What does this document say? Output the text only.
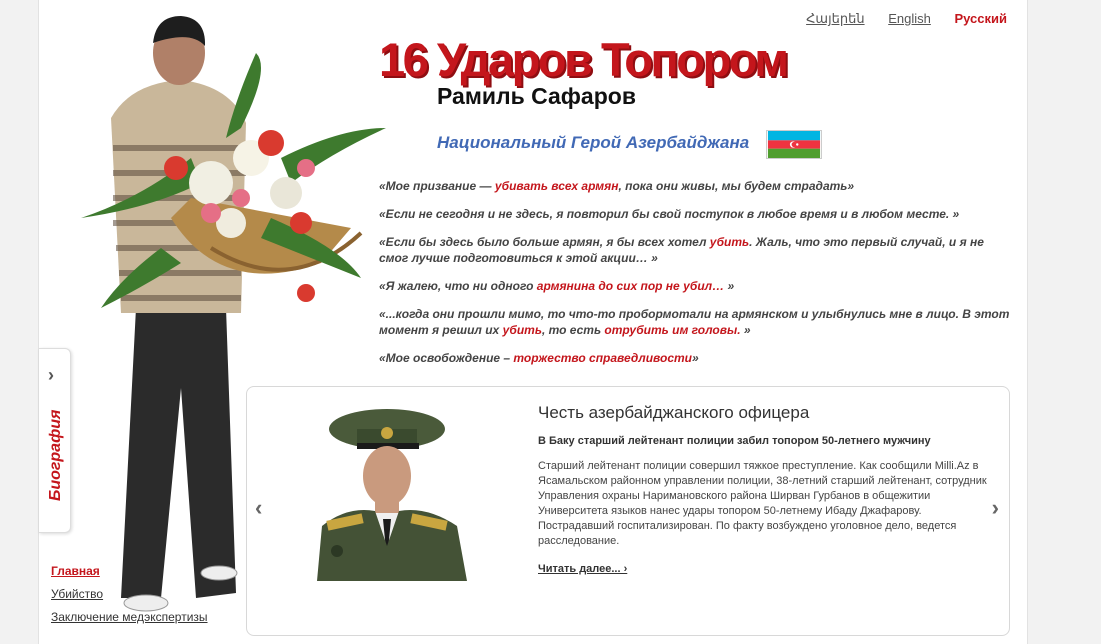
Հայերեն English Русский
16 Ударов Топором
Рамиль Сафаров
Национальный Герой Азербайджана
«Мое призвание — убивать всех армян, пока они живы, мы будем страдать»
«Если не сегодня и не здесь, я повторил бы свой поступок в любое время и в любом месте. »
«Если бы здесь было больше армян, я бы всех хотел убить. Жаль, что это первый случай, и я не смог лучше подготовиться к этой акции… »
«Я жалею, что ни одного армянина до сих пор не убил… »
«...когда они прошли мимо, то что-то пробормотали на армянском и улыбнулись мне в лицо. В этот момент я решил их убить, то есть отрубить им головы. »
«Мое освобождение – торжество справедливости»
›
Биография
Главная
Убийство
Заключение медэкспертизы
‹
Честь азербайджанского офицера
В Баку старший лейтенант полиции забил топором 50-летнего мужчину

Старший лейтенант полиции совершил тяжкое преступление. Как сообщили Milli.Az в Ясамальском районном управлении полиции, 38-летний старший лейтенант, сотрудник Управления охраны Наримановского района Ширван Гурбанов в общежитии Университета языков нанес удары топором 50-летнему Ибаду Джафарову. Пострадавший госпитализирован. По факту возбуждено уголовное дело, ведется расследование.

Читать далее... ›
›
